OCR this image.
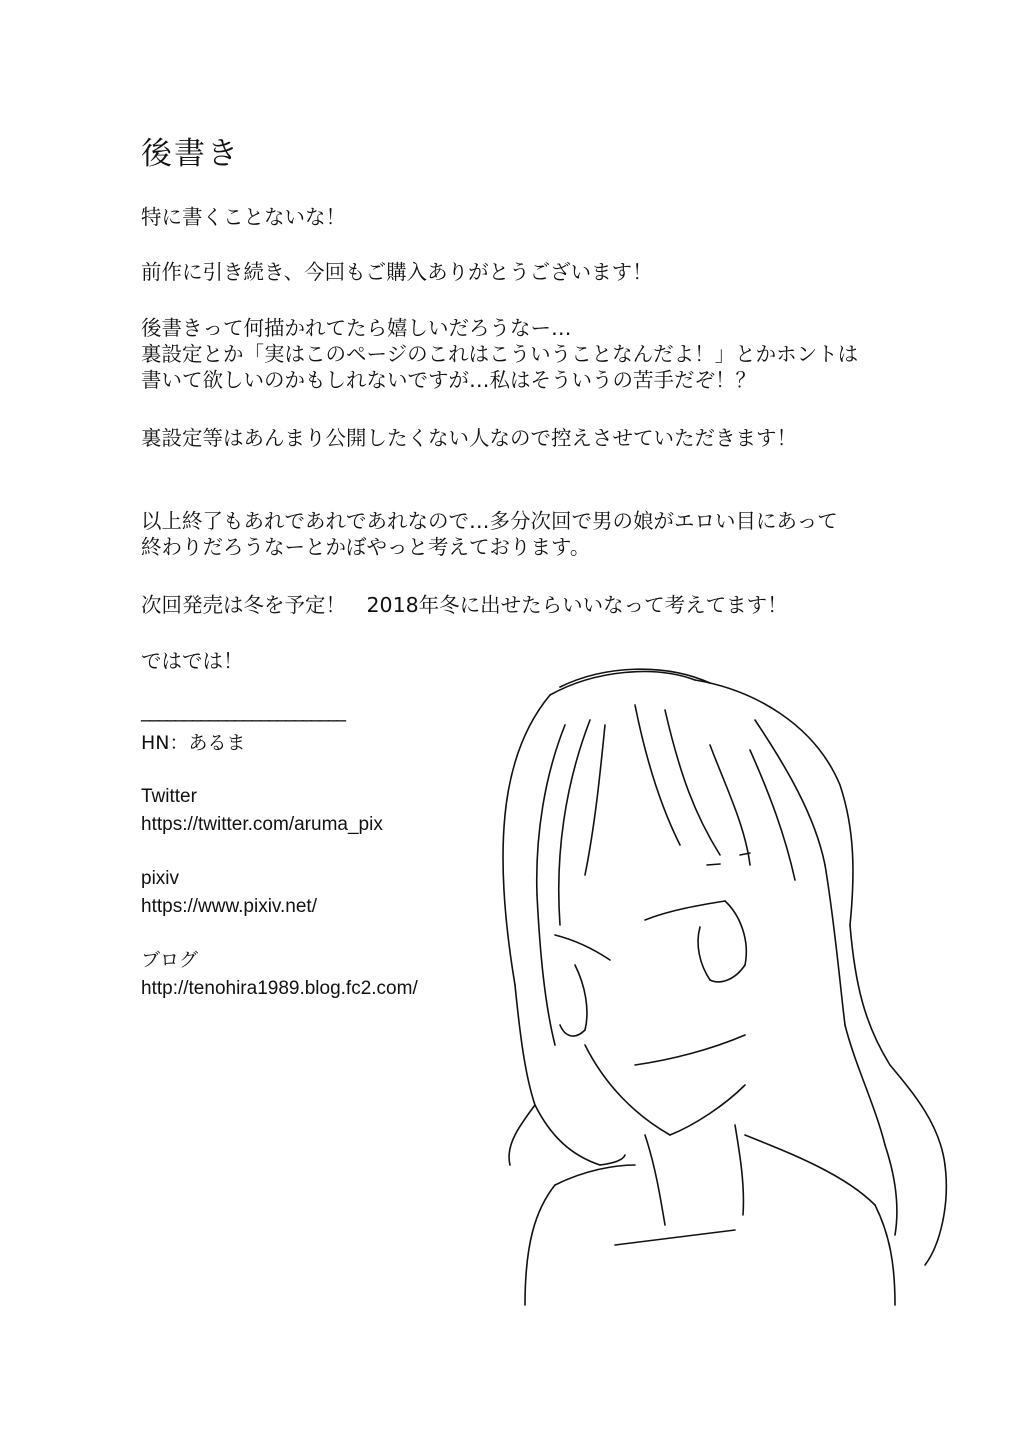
後書き
特に書くことないな！
前作に引き続き、今回もご購入ありがとうございます！
後書きって何描かれてたら嬉しいだろうなー…
裏設定とか「実はこのページのこれはこういうことなんだよ！」とかホントは
書いて欲しいのかもしれないですが…私はそういうの苦手だぞ！？
裏設定等はあんまり公開したくない人なので控えさせていただきます！
以上終了もあれであれであれなので…多分次回で男の娘がエロい目にあって
終わりだろうなーとかぼやっと考えております。
次回発売は冬を予定！　2018年冬に出せたらいいなって考えてます！
ではでは！
________________________
HN：あるま
Twitter
https://twitter.com/aruma_pix
pixiv
https://www.pixiv.net/
ブログ
http://tenohira1989.blog.fc2.com/
